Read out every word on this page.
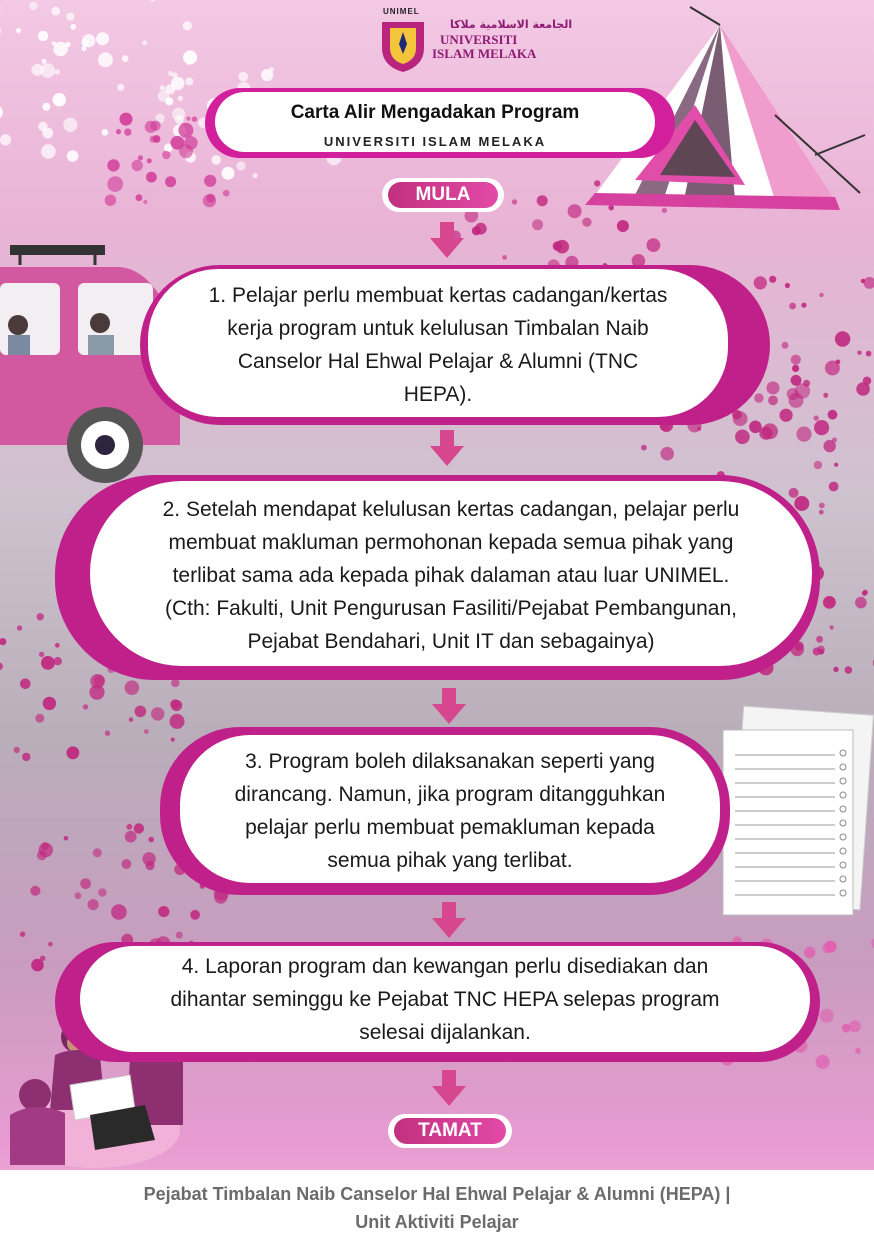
UNIMEL
الجامعة الاسلامية ملاكا
UNIVERSITI
ISLAM MELAKA
Carta Alir Mengadakan Program
UNIVERSITI ISLAM MELAKA
MULA
1. Pelajar perlu membuat kertas cadangan/kertas
kerja program untuk kelulusan Timbalan Naib
Canselor Hal Ehwal Pelajar & Alumni (TNC
HEPA).
2. Setelah mendapat kelulusan kertas cadangan, pelajar perlu
membuat makluman permohonan kepada semua pihak yang
terlibat sama ada kepada pihak dalaman atau luar UNIMEL.
(Cth: Fakulti, Unit Pengurusan Fasiliti/Pejabat Pembangunan,
Pejabat Bendahari, Unit IT dan sebagainya)
3. Program boleh dilaksanakan seperti yang
dirancang. Namun, jika program ditangguhkan
pelajar perlu membuat pemakluman kepada
semua pihak yang terlibat.
4. Laporan program dan kewangan perlu disediakan dan
dihantar seminggu ke Pejabat TNC HEPA selepas program
selesai dijalankan.
TAMAT
Pejabat Timbalan Naib Canselor Hal Ehwal Pelajar & Alumni (HEPA) |
Unit Aktiviti Pelajar
